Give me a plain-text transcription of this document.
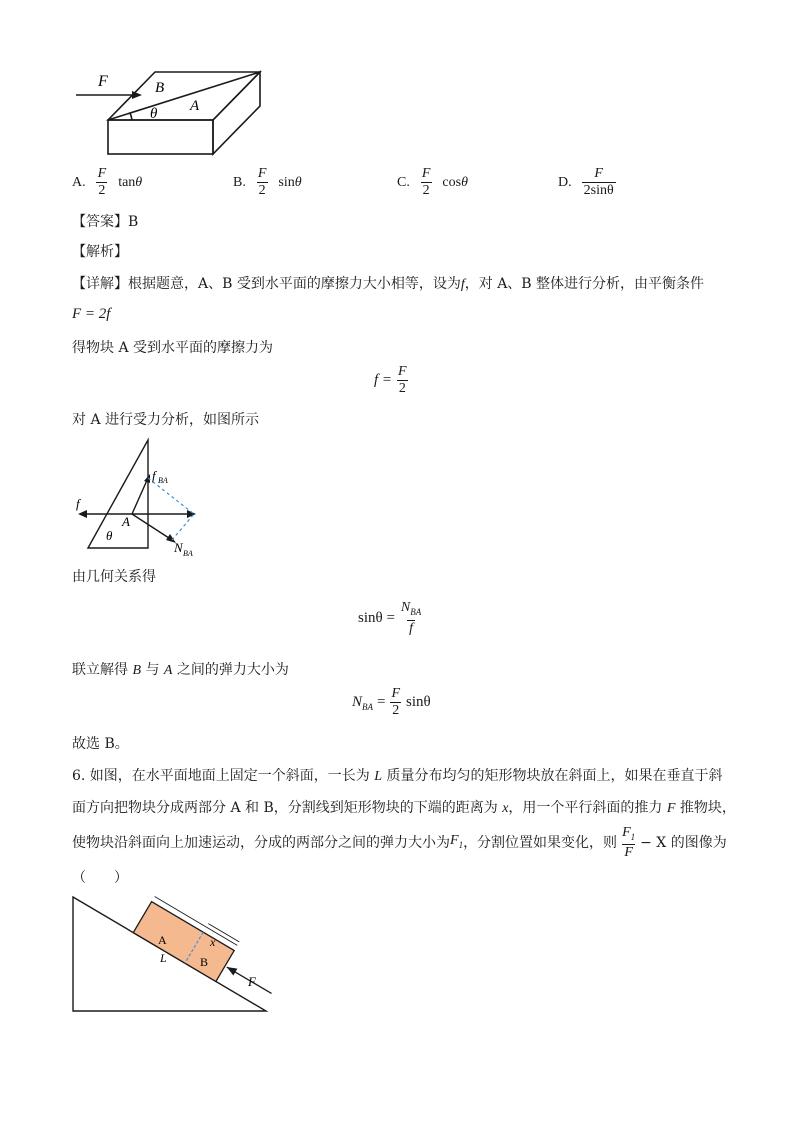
F	B
A
θ
A. $\frac{F}{2}$ tanθ	B. $\frac{F}{2}$ sinθ	C. $\frac{F}{2}$ cosθ	D. $\frac{F}{2\sin\theta}$
【答案】B
【解析】
【详解】根据题意，A、B 受到水平面的摩擦力大小相等，设为f，对 A、B 整体进行分析，由平衡条件
F = 2f
得物块 A 受到水平面的摩擦力为
$f = \frac{F}{2}$
对 A 进行受力分析，如图所示
f
f BA
A
θ
N BA
由几何关系得
$\sin\theta = \frac{N_{BA}}{f}$
联立解得 B 与 A 之间的弹力大小为
$N_{BA} = \frac{F}{2}$ sinθ
故选 B。
6. 如图，在水平面地面上固定一个斜面，一长为 L 质量分布均匀的矩形物块放在斜面上，如果在垂直于斜
面方向把物块分成两部分 A 和 B，分割线到矩形物块的下端的距离为 x，用一个平行斜面的推力 F 推物块，
使物块沿斜面向上加速运动，分成的两部分之间的弹力大小为 $F_1$ ，分割位置如果变化，则 $\frac{F_1}{F} - X$ 的图像为
（　　）
A
B
L
x
F
